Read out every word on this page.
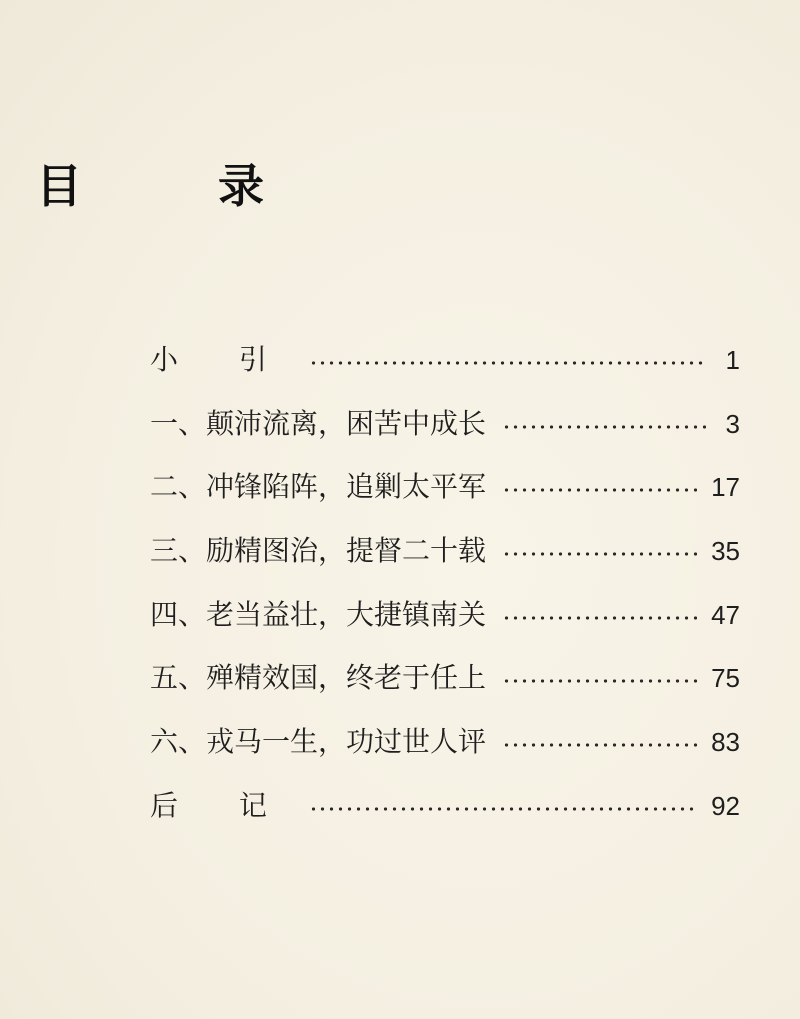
目 录
小 引	1
一、颠沛流离，困苦中成长	3
二、冲锋陷阵，追剿太平军	17
三、励精图治，提督二十载	35
四、老当益壮，大捷镇南关	47
五、殚精效国，终老于任上	75
六、戎马一生，功过世人评	83
后 记	92
